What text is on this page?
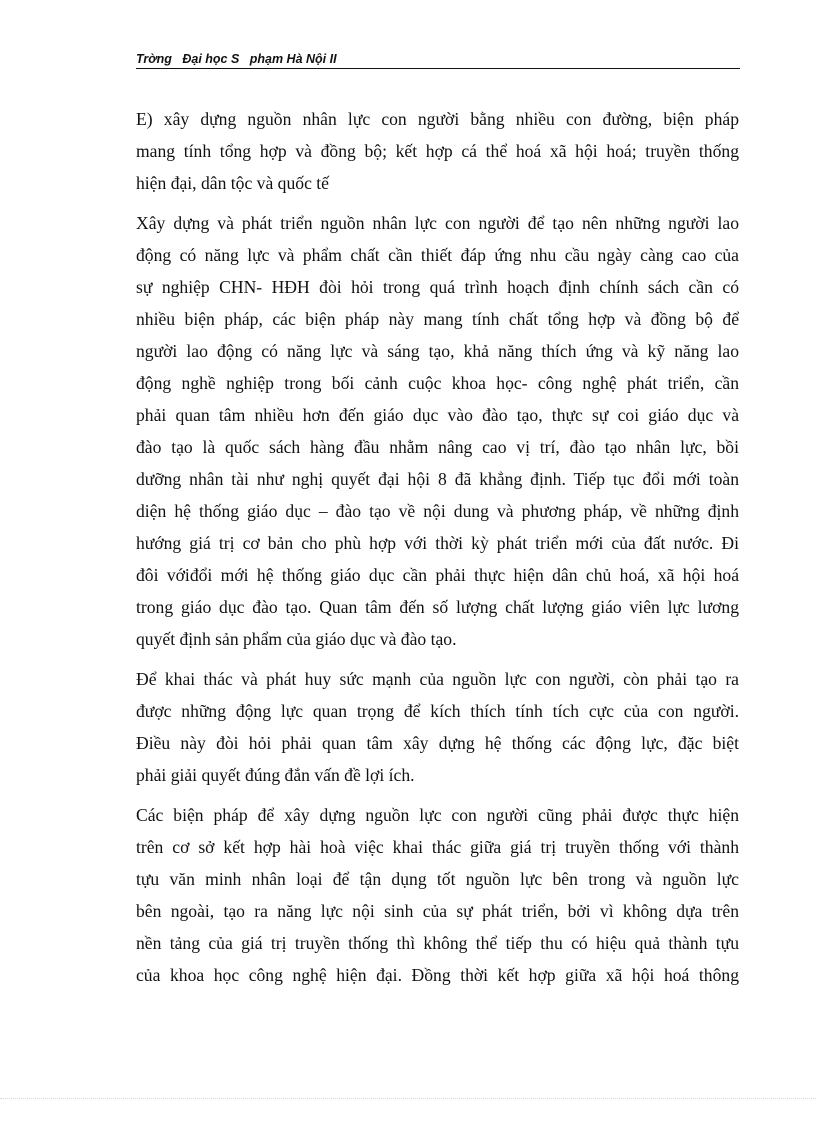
Trờng   Đại học S   phạm Hà Nội II

E) xây dựng nguồn nhân lực con người bằng nhiều con đường, biện pháp
mang tính tổng hợp và đồng bộ; kết hợp cá thể hoá xã hội hoá; truyền thống
hiện đại, dân tộc và quốc tế

Xây dựng và phát triển nguồn nhân lực con người để tạo nên những người lao
động có năng lực và phẩm chất cần thiết đáp ứng nhu cầu ngày càng cao của
sự nghiệp CHN- HĐH đòi hỏi trong quá trình hoạch định chính sách cần có
nhiều biện pháp, các biện pháp này mang tính chất tổng hợp và đồng bộ để
người lao động có năng lực và sáng tạo, khả năng thích ứng và kỹ năng lao
động nghề nghiệp trong bối cảnh cuộc khoa học- công nghệ phát triển, cần
phải quan tâm nhiều hơn đến giáo dục vào đào tạo, thực sự coi giáo dục và
đào tạo là quốc sách hàng đầu nhằm nâng cao vị trí, đào tạo nhân lực, bồi
dưỡng nhân tài như nghị quyết đại hội 8 đã khẳng định. Tiếp tục đổi mới toàn
diện hệ thống giáo dục – đào tạo về nội dung và phương pháp, về những định
hướng giá trị cơ bản cho phù hợp với thời kỳ phát triển mới của đất nước. Đi
đôi vớiđổi mới hệ thống giáo dục cần phải thực hiện dân chủ hoá, xã hội hoá
trong giáo dục đào tạo. Quan tâm đến số lượng chất lượng giáo viên lực lương
quyết định sản phẩm của giáo dục và đào tạo.

Để khai thác và phát huy sức mạnh của nguồn lực con người, còn phải tạo ra
được những động lực quan trọng để kích thích tính tích cực của con người.
Điều này đòi hỏi phải quan tâm xây dựng hệ thống các động lực, đặc biệt
phải giải quyết đúng đắn vấn đề lợi ích.

Các biện pháp để xây dựng nguồn lực con người cũng phải được thực hiện
trên cơ sở kết hợp hài hoà việc khai thác giữa giá trị truyền thống với thành
tựu văn minh nhân loại để tận dụng tốt nguồn lực bên trong và nguồn lực
bên ngoài, tạo ra năng lực nội sinh của sự phát triển, bởi vì không dựa trên
nền tảng của giá trị truyền thống thì không thể tiếp thu có hiệu quả thành tựu
của khoa học công nghệ hiện đại. Đồng thời kết hợp giữa xã hội hoá thông
